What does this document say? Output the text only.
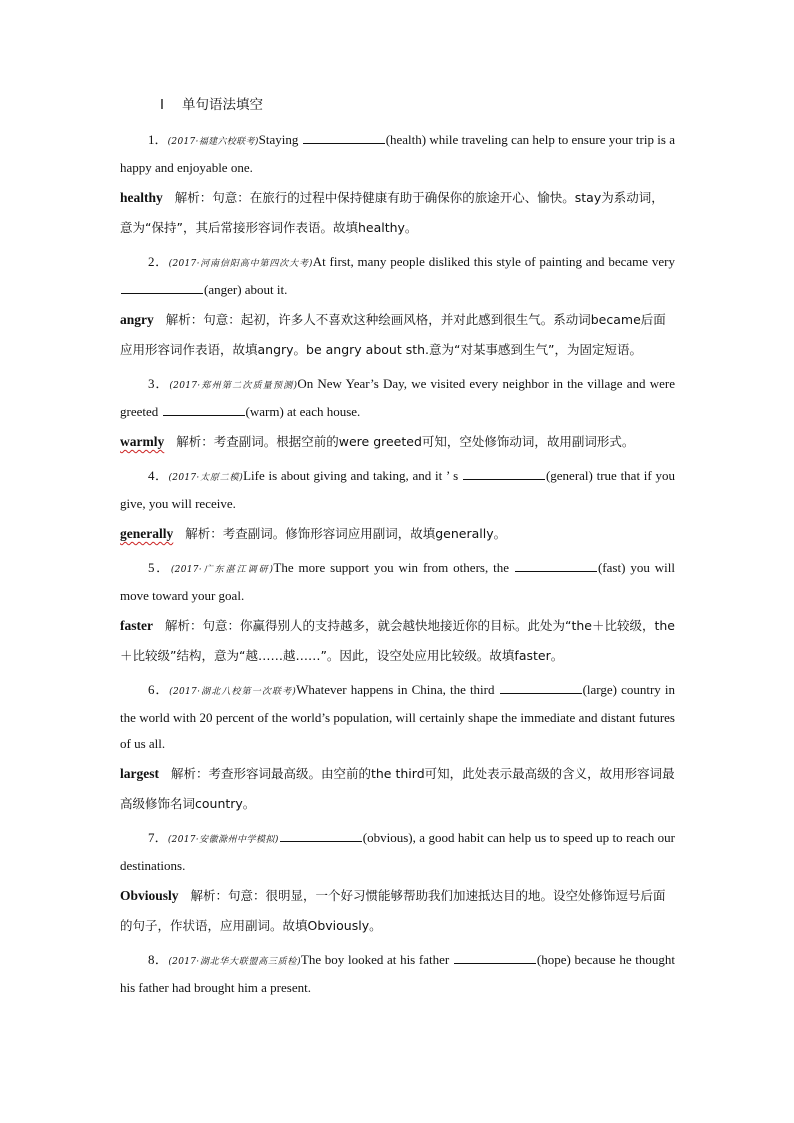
Ⅰ 单句语法填空
1．(2017·福建六校联考)Staying	(health) while traveling can help to ensure your trip is a happy and enjoyable one.
healthy 解析：句意：在旅行的过程中保持健康有助于确保你的旅途开心、愉快。stay为系动词，意为“保持”，其后常接形容词作表语。故填healthy。
2．(2017·河南信阳高中第四次大考)At first, many people disliked this style of painting and became very (anger) about it.
angry 解析：句意：起初，许多人不喜欢这种绘画风格，并对此感到很生气。系动词became后面应用形容词作表语，故填angry。be angry about sth.意为“对某事感到生气”，为固定短语。
3．(2017·郑州第二次质量预测)On New Year’s Day, we visited every neighbor in the village and were greeted	(warm) at each house.
warmly 解析：考查副词。根据空前的were greeted可知，空处修饰动词，故用副词形式。
4．(2017·太原二模)Life is about giving and taking, and it ’ s	(general) true that if you give, you will receive.
generally 解析：考查副词。修饰形容词应用副词，故填generally。
5．(2017·广东湛江调研)The more support you win from others, the	(fast) you will move toward your goal.
faster 解析：句意：你赢得别人的支持越多，就会越快地接近你的目标。此处为“the＋比较级，the＋比较级”结构，意为“越……越……”。因此，设空处应用比较级。故填faster。
6．(2017·湖北八校第一次联考)Whatever happens in China, the third	(large) country in the world with 20 percent of the world’s population, will certainly shape the immediate and distant futures of us all.
largest 解析：考查形容词最高级。由空前的the third可知，此处表示最高级的含义，故用形容词最高级修饰名词country。
7．(2017·安徽滁州中学模拟)	(obvious), a good habit can help us to speed up to reach our destinations.
Obviously 解析：句意：很明显，一个好习惯能够帮助我们加速抵达目的地。设空处修饰逗号后面的句子，作状语，应用副词。故填Obviously。
8．(2017·湖北华大联盟高三质检)The boy looked at his father	(hope) because he thought his father had brought him a present.
